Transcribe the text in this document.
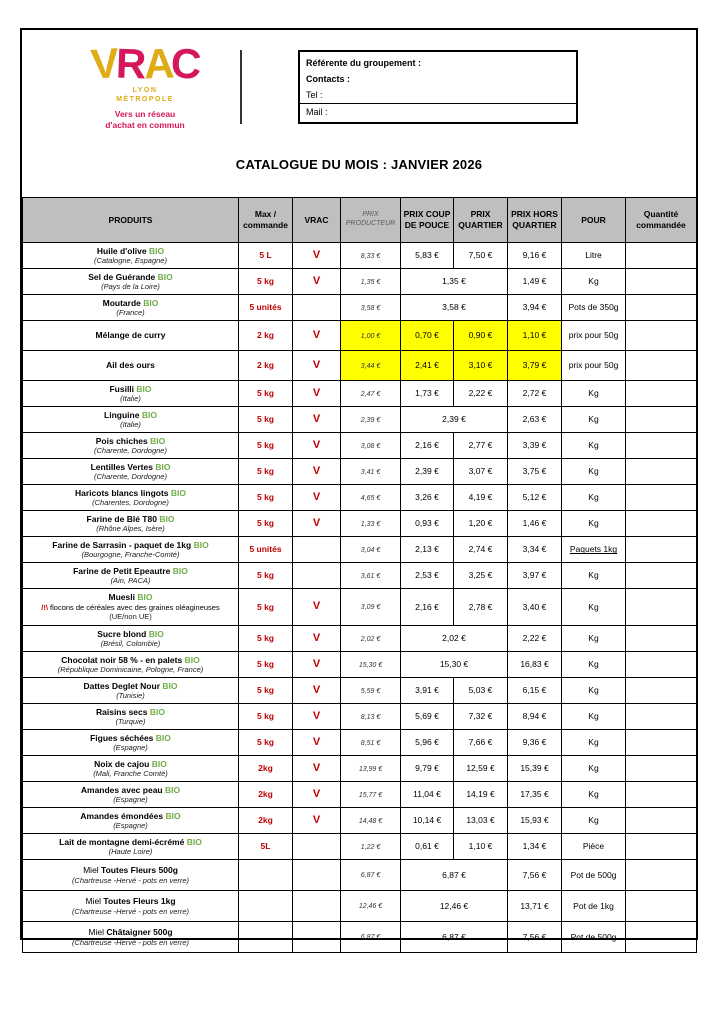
VRAC
LYON
MÉTROPOLE
Vers un réseau
d'achat en commun
Référente du groupement :
Contacts :
Tel :
Mail :
CATALOGUE DU MOIS : JANVIER 2026
PRODUITS	Max / commande	VRAC	PRIX PRODUCTEUR	PRIX COUP DE POUCE	PRIX QUARTIER	PRIX HORS QUARTIER	POUR	Quantité commandée

Huile d'olive BIO
(Catalogne, Espagne)	5 L	V	8,33 €	5,83 €	7,50 €	9,16 €	Litre	

Sel de Guérande BIO
(Pays de la Loire)	5 kg	V	1,35 €	1,35 €		1,49 €	Kg	

Moutarde BIO
(France)	5 unités		3,58 €	3,58 €		3,94 €	Pots de 350g	

Mélange de curry	2 kg	V	1,00 €	0,70 €	0,90 €	1,10 €	prix pour 50g	

Ail des ours	2 kg	V	3,44 €	2,41 €	3,10 €	3,79 €	prix pour 50g	

Fusilli BIO
(Italie)	5 kg	V	2,47 €	1,73 €	2,22 €	2,72 €	Kg	

Linguine BIO
(Italie)	5 kg	V	2,39 €	2,39 €		2,63 €	Kg	

Pois chiches BIO
(Charente, Dordogne)	5 kg	V	3,08 €	2,16 €	2,77 €	3,39 €	Kg	

Lentilles Vertes BIO
(Charente, Dordogne)	5 kg	V	3,41 €	2,39 €	3,07 €	3,75 €	Kg	

Haricots blancs lingots BIO
(Charentes, Dordogne)	5 kg	V	4,65 €	3,26 €	4,19 €	5,12 €	Kg	

Farine de Blé T80 BIO
(Rhône Alpes, Isère)	5 kg	V	1,33 €	0,93 €	1,20 €	1,46 €	Kg	

Farine de Sarrasin - paquet de 1kg BIO
(Bourgogne, Franche-Comté)	5 unités		3,04 €	2,13 €	2,74 €	3,34 €	Paquets 1kg	

Farine de Petit Epeautre BIO
(Ain, PACA)	5 kg		3,61 €	2,53 €	3,25 €	3,97 €	Kg	

Muesli BIO
/!\ flocons de céréales avec des graines oléagineuses
(UE/non UE)	5 kg	V	3,09 €	2,16 €	2,78 €	3,40 €	Kg	

Sucre blond BIO
(Brésil, Colombie)	5 kg	V	2,02 €	2,02 €		2,22 €	Kg	

Chocolat noir 58 % - en palets BIO
(République Dominicaine, Pologne, France)	5 kg	V	15,30 €	15,30 €		16,83 €	Kg	

Dattes Deglet Nour BIO
(Tunisie)	5 kg	V	5,59 €	3,91 €	5,03 €	6,15 €	Kg	

Raisins secs BIO
(Turquie)	5 kg	V	8,13 €	5,69 €	7,32 €	8,94 €	Kg	

Figues séchées BIO
(Espagne)	5 kg	V	8,51 €	5,96 €	7,66 €	9,36 €	Kg	

Noix de cajou BIO
(Mali, Franche Comté)	2kg	V	13,99 €	9,79 €	12,59 €	15,39 €	Kg	

Amandes avec peau BIO
(Espagne)	2kg	V	15,77 €	11,04 €	14,19 €	17,35 €	Kg	

Amandes émondées BIO
(Espagne)	2kg	V	14,48 €	10,14 €	13,03 €	15,93 €	Kg	

Lait de montagne demi-écrémé BIO
(Haute Loire)	5L		1,22 €	0,61 €	1,10 €	1,34 €	Pièce	

Miel Toutes Fleurs 500g
(Chartreuse -Hervé - pots en verre)			6,87 €	6,87 €		7,56 €	Pot de 500g	

Miel Toutes Fleurs 1kg
(Chartreuse -Hervé - pots en verre)			12,46 €	12,46 €		13,71 €	Pot de 1kg	

Miel Châtaigner 500g
(Chartreuse -Hervé - pots en verre)			6,87 €	6,87 €		7,56 €	Pot de 500g	
